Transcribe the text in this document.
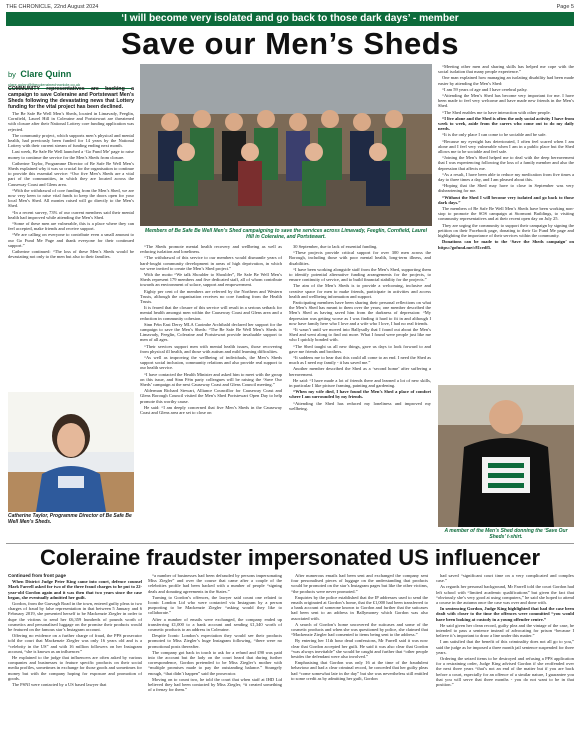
THE CHRONICLE, 22nd August 2024	Page 5
‘I will become very isolated and go back to those dark days’ - member
Save our Men’s Sheds
by Clare Quinn
clare.quinn@thecolerainechronicle.co.uk

COMMUNITY representatives are backing a campaign to save Coleraine and Portstewart Men’s Sheds following the devastating news that Lottery funding for the vital project has been declined.

The Be Safe Be Well Men’s Sheds, located in Limavady, Feeglin, Cornfield, Laurel Hill in Coleraine and Portstewart are threatened with closure after their National Lottery core funding application was rejected.

The community project, which supports men’s physical and mental health, had previously been funded for 14 years by the National Lottery with their current stream of funding ending next month.

Last week, Be Safe Be Well launched a ‘Go Fund Me’ page to raise money to continue the service for the Men’s Sheds from closure.

Catherine Taylor, Programme Director of Be Safe Be Well Men’s Sheds explained why it was so crucial for the organisation to continue to provide this essential service: “Our five Men’s Sheds are a vital part of the communities, in which they are located across the Causeway Coast and Glens area.

“With the withdrawal of core funding from the Men’s Shed, we are now very keen to raise vital funds to keep the doors open for your local Men’s Shed. All monies raised will go directly to the Men’s Shed.

“In a recent survey, 73% of our current members said their mental health had improved while attending the Men’s Shed.

“Some of these men are vulnerable, this is a place where they can feel accepted, make friends and receive support.

“We are calling on everyone to contribute even a small amount to our Go Fund Me Page and thank everyone for their continued support.”

Catherine continued: “The loss of these Men’s Sheds would be devastating not only to the men but also to their families.

Catherine Taylor, Programme Director of Be Safe Be Well Men’s Sheds.
Members of Be Safe Be Well Men’s Shed campaigning to save the services across Limavady, Feeglin, Cornfield, Laurel Hill in Coleraine, and Portstewart.

“The Sheds promote mental health recovery and wellbeing as well as reducing isolation and loneliness.

“The withdrawal of this service to our members would dismantle years of hard-fought community development in areas of high deprivation, in which we were invited to create the Men’s Shed project.”

With the motto “We talk Shoulder to Shoulder”, Be Safe Be Well Men’s Sheds represent 179 members and five dedicated staff, all of whom contribute towards an environment of solace, support and empowerment.

Eighty per cent of the members are referred by the Northern and Western Trusts, although the organisation receives no core funding from the Health Trusts.

It is feared that the closure of this service will result in a serious setback for mental health amongst men within the Causeway Coast and Glens area and a reduction in community cohesion.

Sinn Féin East Derry MLA Caoimhe Archibald declared her support for the campaign to save the Men’s Sheds: “The Be Safe Be Well Men’s Sheds in Limavady, Feeglin, Coleraine and Portstewart provide invaluable support to men of all ages.

“Their services support men with mental health issues, those recovering from physical ill health, and those with autism and mild learning difficulties.

“As well as improving the wellbeing of individuals, the Men’s Sheds support social inclusion, community relations and also provide real support to our health service.

“I have contacted the Health Minister and asked him to meet with the group on this issue, and Sinn Féin party colleagues will be raising the ‘Save Our Sheds’ campaign at the next Causeway Coast and Glens Council meeting.”

Alderman Richard Stewart, Alliance Councillor for Causeway Coast and Glens Borough Council visited the Men’s Shed Portstewart Open Day to help promote this worthy cause.

He said: “I am deeply concerned that five Men’s Sheds in the Causeway Coast and Glens area are set to close on

30 September, due to lack of essential funding.

“These projects provide critical support for over 300 men across the Borough, including those with poor mental health, long-term illness, and disabilities.

“I have been working alongside staff from the Men’s Shed, supporting them to identify potential alternative funding arrangements for the projects, to ensure continuity of service, and to build financial stability for the projects.”

The aim of the Men’s Sheds is to provide a welcoming, inclusive and creative space for men to make friends, participate in activities and access health and wellbeing information and support.

Participating members have been sharing their personal reflections on what the Men’s Shed has meant to them over the years; one member described the Men’s Shed as having saved him from the darkness of depression: “My depression was getting worse as I was finding it hard to fit in and although I now have family here who I love and a wife who I love, I had no real friends.

“It wasn’t until we moved into Ballysally that I found out about the Men’s Shed and went along to find out more. What I found were people just like me who I quickly bonded with.

“The Shed taught us all new things, gave us days to look forward to and gave me friends and brothers.

“It saddens me to hear that this could all come to an end. I need the Shed as much as I need my family - it has saved me.”

Another member described the Shed as a ‘second home’ after suffering a bereavement.

He said: “I have made a lot of friends there and learned a lot of new skills, in particular I like picture framing, painting and gardening.

“When my wife died, I have found the Men’s Shed a place of comfort where I am surrounded by my friends.

“Attending the Shed has reduced my loneliness and improved my wellbeing.

“Meeting other men and sharing skills has helped me cope with the social isolation that many people experience.”

One man explained how managing an isolating disability had been made easier by attending the Men’s Shed:

“I am 59 years of age and I have cerebral palsy.

“Attending the Men’s Shed has become very important for me. I have been made to feel very welcome and have made new friends in the Men’s Shed.

“The Shed enables me to have interaction with other people.

“I live alone and the Shed is often the only social activity I have from week to week, aside from the carers who come out to do my daily needs.

“It is the only place I can come to be sociable and be safe.

“Because my eyesight has deteriorated, I often feel scared when I am alone and I feel very vulnerable when I am in a public place but the Shed allows me to be sociable and feel safe.

“Joining the Men’s Shed helped me to deal with the deep bereavement that I was experiencing following the loss of a family member and also the depression that affects me.

“As a result, I have been able to reduce my medication from five times a day to three times a day, and I am pleased about this.

“Hoping that the Shed may have to close in September was very disheartening for me.

“Without the Shed I will become very isolated and go back to those dark days.”

The members of Be Safe Be Well Men’s Sheds have been working non-stop to promote the SOS campaign at Stormont Buildings, to visiting community representatives and at their recent open day on July 25.

They are urging the community to support their campaign by signing the petition on their Facebook page, donating to their Go Fund Me page and highlighting the importance of their services within the community.

Donations can be made to the ‘Save the Sheds campaign’ on https://gofund.me/c81cedf5.

A member of the Men’s Shed donning the ‘Save Our Sheds’ t-shirt.
Coleraine fraudster impersonated US influencer

Continued from front page

When District Judge Peter King came into court, defence counsel Mark Farrell asked for two of the three fraud charges to be put to 22-year-old Gordon again and it was then that two years since the case began, she eventually admitted her guilt.

Gordon, from the Garvagh Road in the town, entered guilty pleas to two charges of fraud by false representation in that between 5 January and 6 February 2019, she presented herself to be Mackenzie Ziegler in order to dupe the victims to send her £6,359 hundreds of pounds worth of cosmetics and personalised luggage on the promise their products would be featured on the famous star’s Instagram account.

Offering no evidence on a further charge of fraud, the PPS prosecutor told the court that Mackenzie Ziegler was only 16 years old and is a “celebrity in the US” and with 16 million followers on her Instagram account, “she is known as an influencer.”

He explained to the judge that influencers are often asked by various companies and businesses to feature specific products on their social media profiles, sometimes in exchange for those goods and sometimes for money but with the company hoping for exposure and promotion of goods.

The PSNI were contacted by a US based lawyer that

“a number of businesses had been defrauded by persons impersonating Miss Ziegler” and over the course that came after a couple of the celebrities profile had been hacked with a number of people “signing deals and donating agreements in the States.”

Turning to Gordon’s offences, the lawyer said count one related to Iconic London Ltd who were contacted via Instagram by a person purporting to be Mackenzie Ziegler “asking would they like to collaborate.”

After a number of emails were exchanged, the company ended up transferring £1,000 to a bank account and sending £1,340 worth of cosmetic products to an address in Coleraine.

Despite Iconic London’s expectation they would see their products promoted to Miss Ziegler’s huge Instagram following, “there were no promotional posts thereafter.

The company got back in touch to ask for a refund and £90 was paid into the account but the lady on the court heard that during further correspondence, Gordon pretended to be Miss Ziegler’s mother with “multiple promises made to pay the outstanding balance.” Strangely enough, “that didn’t happen” said the prosecutor.

Moving on to count two, he told the court that when staff at IHD Ltd believed they had been contacted by Miss Ziegler, “it created something of a frenzy for them.”

After numerous emails had been sent and exchanged the company sent four personalised pieces of luggage on the understanding that products would be promoted on the star’s Instagram pages but like the other victims, “the products were never promoted.”

Enquiries by the police established that the IP addresses used to send the emails originated at Gordon’s home, that the £1,000 had been transferred to a bank account of someone known to Gordon and further that the suitcases had been sent to an address in Ballymoney which Gordon was also associated with.

A search of Gordon’s home uncovered the suitcases and some of the cosmetic products and when she was questioned by police, she claimed that “Mackenzie Ziegler had consented to items being sent to the address.”

By entering her 11th hour dead confessions, Mr Farrell said it was now clear that Gordon accepted her guilt. He said it was also clear that Gordon “was always inevitable” she would be caught and further that “other people besides the defendant were also involved.”

Emphasising that Gordon was only 16 at the time of the fraudulent behaviour and had a clear criminal record, he conceded that her guilty pleas had “come somewhat late in the day” but she was nevertheless still entitled to some credit as by admitting her guilt, Gordon

had saved “significant court time on a very complicated and complex case.”

As regards her personal background, Mr Farrell told the court Gordon had left school with “limited academic qualifications” but given the fact that “obviously she’s very good at using computers,” he said she hoped to attend a course in the autumn once the case was over and done with.

In sentencing Gordon, Judge King highlighted that had the case been dealt with closer to the time the offences were committed “you would have been looking at custody in a young offender centre.”

He said given her clean record, guilty plea and the vintage of the case, he intended to pass a sentence instead of advocating for prison “because I believe it’s important to draw a line under this matter.”

I am satisfied that the benefit of this criminality does not all go to you,” said the judge as he imposed a three month jail sentence suspended for three years.

Ordering the seized items to be destroyed and refusing a PPS application for a restraining order, Judge King advised Gordon if she reoffended over the next three years “that’s not an end of the matter but if you are back before a court, especially for an offence of a similar nature, I guarantee you that you will serve that three months - you do not want to be in that position.”
